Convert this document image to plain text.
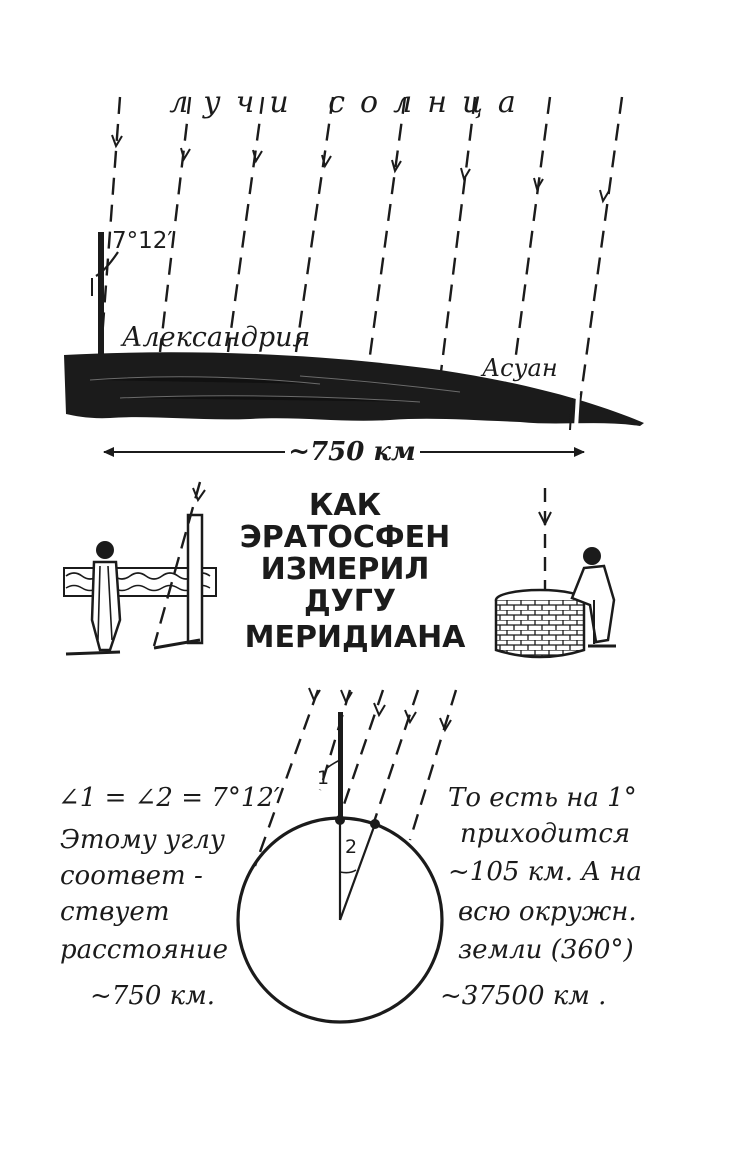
лучи солнца
7°12′
Александрия
Асуан
~750 км
КАК
ЭРАТОСФЕН
ИЗМЕРИЛ
ДУГУ
МЕРИДИАНА
1
2
∠1 = ∠2 = 7°12′
Этому углу
соответ -
ствует
расстояние
~750 км.
То есть на 1°
приходится
~105 км. А на
всю окружн.
земли (360°)
~37500 км .
